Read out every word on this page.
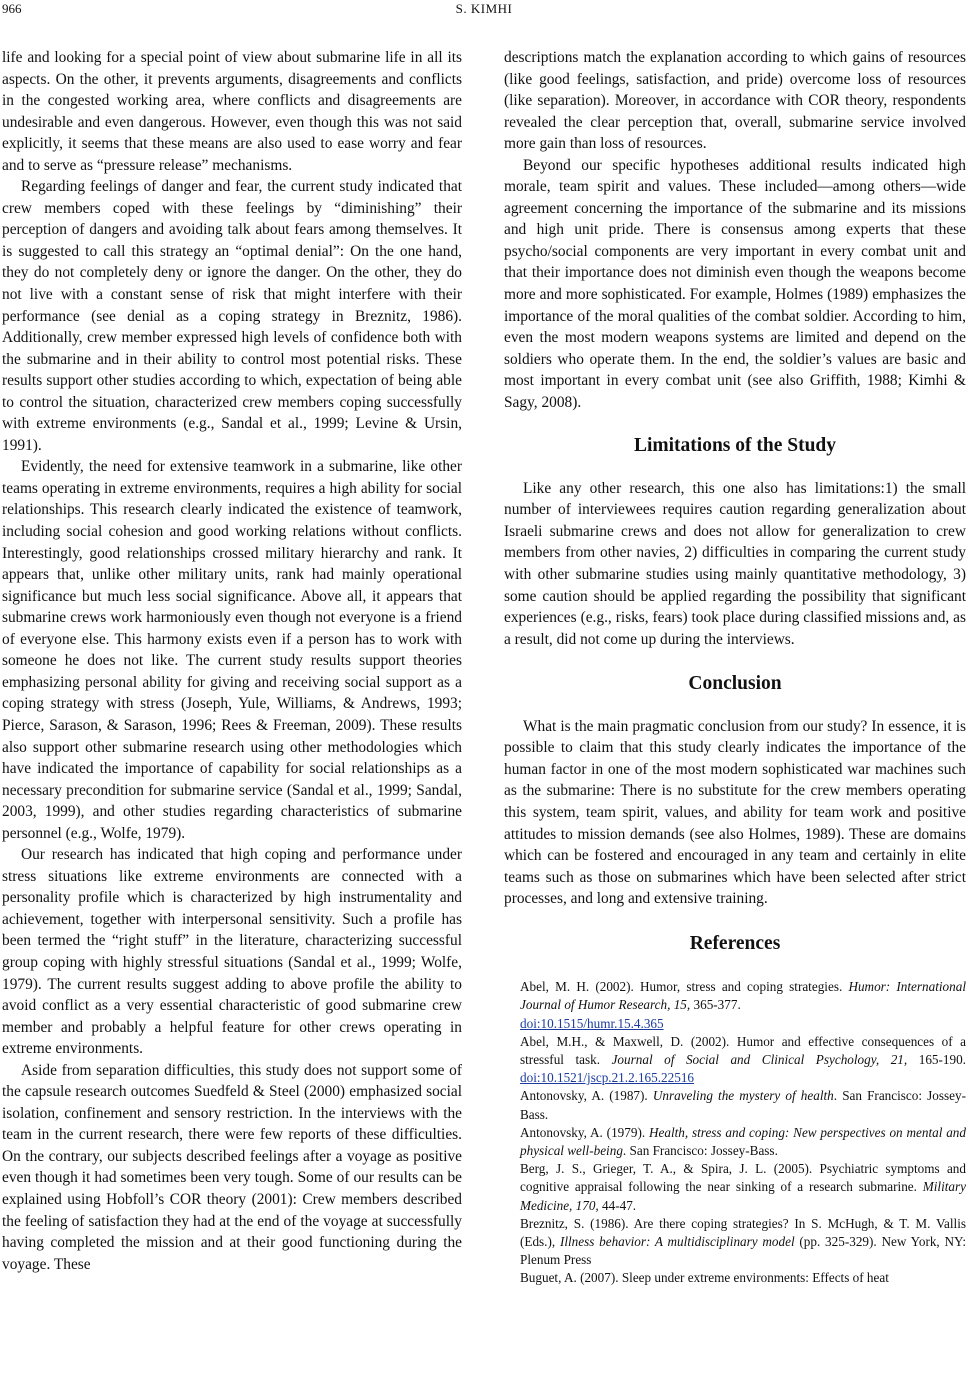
966	S. KIMHI

life and looking for a special point of view about submarine life in all its aspects. On the other, it prevents arguments, disagreements and conflicts in the congested working area, where conflicts and disagreements are undesirable and even dangerous. However, even though this was not said explicitly, it seems that these means are also used to ease worry and fear and to serve as “pressure release” mechanisms.

Regarding feelings of danger and fear, the current study indicated that crew members coped with these feelings by “diminishing” their perception of dangers and avoiding talk about fears among themselves. It is suggested to call this strategy an “optimal denial”: On the one hand, they do not completely deny or ignore the danger. On the other, they do not live with a constant sense of risk that might interfere with their performance (see denial as a coping strategy in Breznitz, 1986). Additionally, crew member expressed high levels of confidence both with the submarine and in their ability to control most potential risks. These results support other studies according to which, expectation of being able to control the situation, characterized crew members coping successfully with extreme environments (e.g., Sandal et al., 1999; Levine & Ursin, 1991).

Evidently, the need for extensive teamwork in a submarine, like other teams operating in extreme environments, requires a high ability for social relationships. This research clearly indicated the existence of teamwork, including social cohesion and good working relations without conflicts. Interestingly, good relationships crossed military hierarchy and rank. It appears that, unlike other military units, rank had mainly operational significance but much less social significance. Above all, it appears that submarine crews work harmoniously even though not everyone is a friend of everyone else. This harmony exists even if a person has to work with someone he does not like. The current study results support theories emphasizing personal ability for giving and receiving social support as a coping strategy with stress (Joseph, Yule, Williams, & Andrews, 1993; Pierce, Sarason, & Sarason, 1996; Rees & Freeman, 2009). These results also support other submarine research using other methodologies which have indicated the importance of capability for social relationships as a necessary precondition for submarine service (Sandal et al., 1999; Sandal, 2003, 1999), and other studies regarding characteristics of submarine personnel (e.g., Wolfe, 1979).

Our research has indicated that high coping and performance under stress situations like extreme environments are connected with a personality profile which is characterized by high instrumentality and achievement, together with interpersonal sensitivity. Such a profile has been termed the “right stuff” in the literature, characterizing successful group coping with highly stressful situations (Sandal et al., 1999; Wolfe, 1979). The current results suggest adding to above profile the ability to avoid conflict as a very essential characteristic of good submarine crew member and probably a helpful feature for other crews operating in extreme environments.

Aside from separation difficulties, this study does not support some of the capsule research outcomes Suedfeld & Steel (2000) emphasized social isolation, confinement and sensory restriction. In the interviews with the team in the current research, there were few reports of these difficulties. On the contrary, our subjects described feelings after a voyage as positive even though it had sometimes been very tough. Some of our results can be explained using Hobfoll’s COR theory (2001): Crew members described the feeling of satisfaction they had at the end of the voyage at successfully having completed the mission and at their good functioning during the voyage. These

descriptions match the explanation according to which gains of resources (like good feelings, satisfaction, and pride) overcome loss of resources (like separation). Moreover, in accordance with COR theory, respondents revealed the clear perception that, overall, submarine service involved more gain than loss of resources.

Beyond our specific hypotheses additional results indicated high morale, team spirit and values. These included—among others—wide agreement concerning the importance of the submarine and its missions and high unit pride. There is consensus among experts that these psycho/social components are very important in every combat unit and that their importance does not diminish even though the weapons become more and more sophisticated. For example, Holmes (1989) emphasizes the importance of the moral qualities of the combat soldier. According to him, even the most modern weapons systems are limited and depend on the soldiers who operate them. In the end, the soldier’s values are basic and most important in every combat unit (see also Griffith, 1988; Kimhi & Sagy, 2008).

Limitations of the Study

Like any other research, this one also has limitations:1) the small number of interviewees requires caution regarding generalization about Israeli submarine crews and does not allow for generalization to crew members from other navies, 2) difficulties in comparing the current study with other submarine studies using mainly quantitative methodology, 3) some caution should be applied regarding the possibility that significant experiences (e.g., risks, fears) took place during classified missions and, as a result, did not come up during the interviews.

Conclusion

What is the main pragmatic conclusion from our study? In essence, it is possible to claim that this study clearly indicates the importance of the human factor in one of the most modern sophisticated war machines such as the submarine: There is no substitute for the crew members operating this system, team spirit, values, and ability for team work and positive attitudes to mission demands (see also Holmes, 1989). These are domains which can be fostered and encouraged in any team and certainly in elite teams such as those on submarines which have been selected after strict processes, and long and extensive training.

References

Abel, M. H. (2002). Humor, stress and coping strategies. Humor: International Journal of Humor Research, 15, 365-377.
doi:10.1515/humr.15.4.365

Abel, M.H., & Maxwell, D. (2002). Humor and effective consequences of a stressful task. Journal of Social and Clinical Psychology, 21, 165-190. doi:10.1521/jscp.21.2.165.22516

Antonovsky, A. (1987). Unraveling the mystery of health. San Francisco: Jossey-Bass.

Antonovsky, A. (1979). Health, stress and coping: New perspectives on mental and physical well-being. San Francisco: Jossey-Bass.

Berg, J. S., Grieger, T. A., & Spira, J. L. (2005). Psychiatric symptoms and cognitive appraisal following the near sinking of a research submarine. Military Medicine, 170, 44-47.

Breznitz, S. (1986). Are there coping strategies? In S. McHugh, & T. M. Vallis (Eds.), Illness behavior: A multidisciplinary model (pp. 325-329). New York, NY: Plenum Press

Buguet, A. (2007). Sleep under extreme environments: Effects of heat
